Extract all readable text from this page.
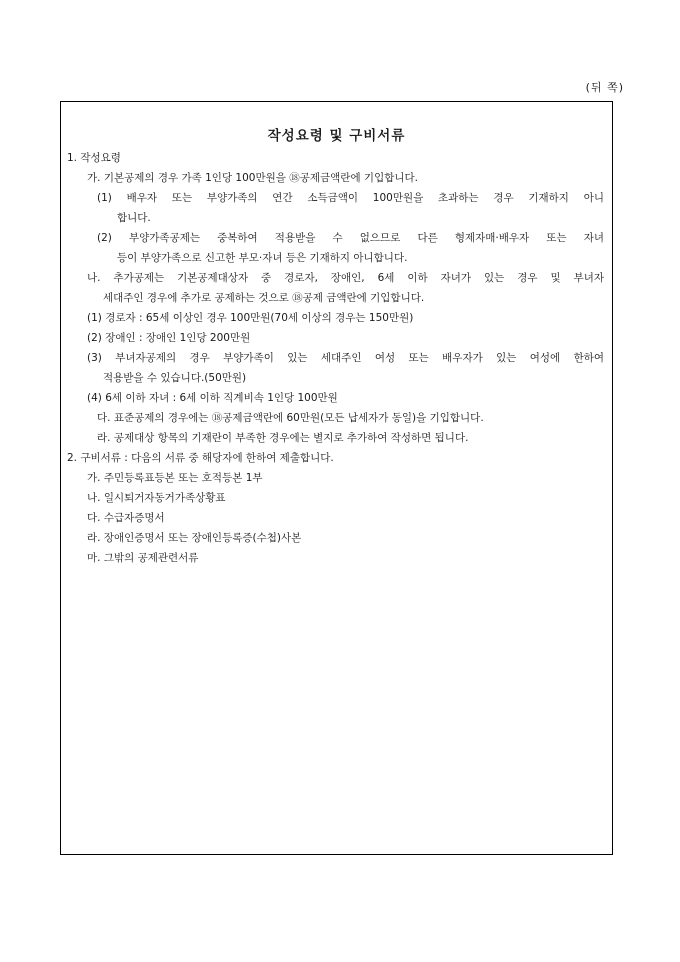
(뒤 쪽)
작성요령 및 구비서류
1. 작성요령
가. 기본공제의 경우 가족 1인당 100만원을 ⑱공제금액란에 기입합니다.
(1) 배우자 또는 부양가족의 연간 소득금액이 100만원을 초과하는 경우 기재하지 아니
합니다.
(2) 부양가족공제는 중복하여 적용받을 수 없으므로 다른 형제자매·배우자 또는 자녀
등이 부양가족으로 신고한 부모·자녀 등은 기재하지 아니합니다.
나. 추가공제는 기본공제대상자 중 경로자, 장애인, 6세 이하 자녀가 있는 경우 및 부녀자
세대주인 경우에 추가로 공제하는 것으로 ⑱공제 금액란에 기입합니다.
(1) 경로자 : 65세 이상인 경우 100만원(70세 이상의 경우는 150만원)
(2) 장애인 : 장애인 1인당 200만원
(3) 부녀자공제의 경우 부양가족이 있는 세대주인 여성 또는 배우자가 있는 여성에 한하여
적용받을 수 있습니다.(50만원)
(4) 6세 이하 자녀 : 6세 이하 직계비속 1인당 100만원
다. 표준공제의 경우에는 ⑱공제금액란에 60만원(모든 납세자가 동일)을 기입합니다.
라. 공제대상 항목의 기재란이 부족한 경우에는 별지로 추가하여 작성하면 됩니다.
2. 구비서류 : 다음의 서류 중 해당자에 한하여 제출합니다.
가. 주민등록표등본 또는 호적등본 1부
나. 일시퇴거자동거가족상황표
다. 수급자증명서
라. 장애인증명서 또는 장애인등록증(수첩)사본
마. 그밖의 공제관련서류
